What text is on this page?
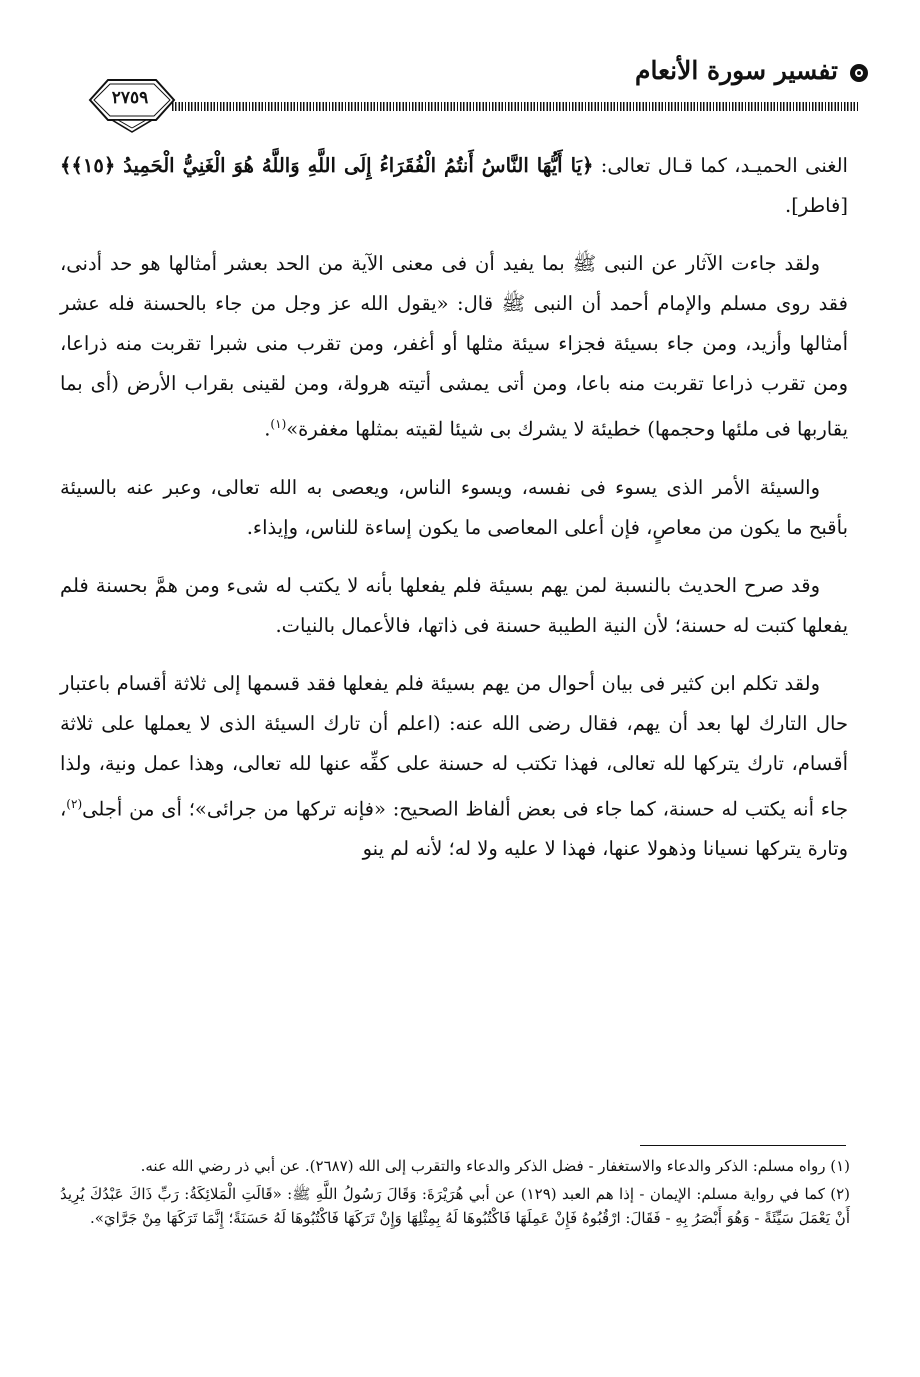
تفسير سورة الأنعام
٢٧٥٩

الغنى الحميـد، كما قـال تعالى: ﴿يَا أَيُّهَا النَّاسُ أَنتُمُ الْفُقَرَاءُ إِلَى اللَّهِ وَاللَّهُ هُوَ الْغَنِيُّ الْحَمِيدُ ﴿١٥﴾﴾ [فاطر].

ولقد جاءت الآثار عن النبى ﷺ بما يفيد أن فى معنى الآية من الحد بعشر أمثالها هو حد أدنى، فقد روى مسلم والإمام أحمد أن النبى ﷺ قال: «يقول الله عز وجل من جاء بالحسنة فله عشر أمثالها وأزيد، ومن جاء بسيئة فجزاء سيئة مثلها أو أغفر، ومن تقرب منى شبرا تقربت منه ذراعا، ومن تقرب ذراعا تقربت منه باعا، ومن أتى يمشى أتيته هرولة، ومن لقينى بقراب الأرض (أى بما يقاربها فى ملئها وحجمها) خطيئة لا يشرك بى شيئا لقيته بمثلها مغفرة»$^{(١)}$.

والسيئة الأمر الذى يسوء فى نفسه، ويسوء الناس، ويعصى به الله تعالى، وعبر عنه بالسيئة بأقبح ما يكون من معاصٍ، فإن أعلى المعاصى ما يكون إساءة للناس، وإيذاء.

وقد صرح الحديث بالنسبة لمن يهم بسيئة فلم يفعلها بأنه لا يكتب له شىء ومن همَّ بحسنة فلم يفعلها كتبت له حسنة؛ لأن النية الطيبة حسنة فى ذاتها، فالأعمال بالنيات.

ولقد تكلم ابن كثير فى بيان أحوال من يهم بسيئة فلم يفعلها فقد قسمها إلى ثلاثة أقسام باعتبار حال التارك لها بعد أن يهم، فقال رضى الله عنه: (اعلم أن تارك السيئة الذى لا يعملها على ثلاثة أقسام، تارك يتركها لله تعالى، فهذا تكتب له حسنة على كفِّه عنها لله تعالى، وهذا عمل ونية، ولذا جاء أنه يكتب له حسنة، كما جاء فى بعض ألفاظ الصحيح: «فإنه تركها من جرائى»؛ أى من أجلى$^{(٢)}$، وتارة يتركها نسيانا وذهولا عنها، فهذا لا عليه ولا له؛ لأنه لم ينو

(١) رواه مسلم: الذكر والدعاء والاستغفار - فضل الذكر والدعاء والتقرب إلى الله (٢٦٨٧). عن أبي ذر رضي الله عنه.

(٢) كما في رواية مسلم: الإيمان - إذا هم العبد (١٢٩) عن أبي هُرَيْرَةَ: وَقَالَ رَسُولُ اللَّهِ ﷺ: «قَالَتِ الْمَلائِكَةُ: رَبِّ ذَاكَ عَبْدُكَ يُرِيدُ أَنْ يَعْمَلَ سَيِّئَةً - وَهُوَ أَبْصَرُ بِهِ - فَقَالَ: ارْقُبُوهُ فَإِنْ عَمِلَهَا فَاكْتُبُوهَا لَهُ بِمِثْلِهَا وَإِنْ تَرَكَهَا فَاكْتُبُوهَا لَهُ حَسَنَةً؛ إِنَّمَا تَرَكَهَا مِنْ جَرَّايَ».
